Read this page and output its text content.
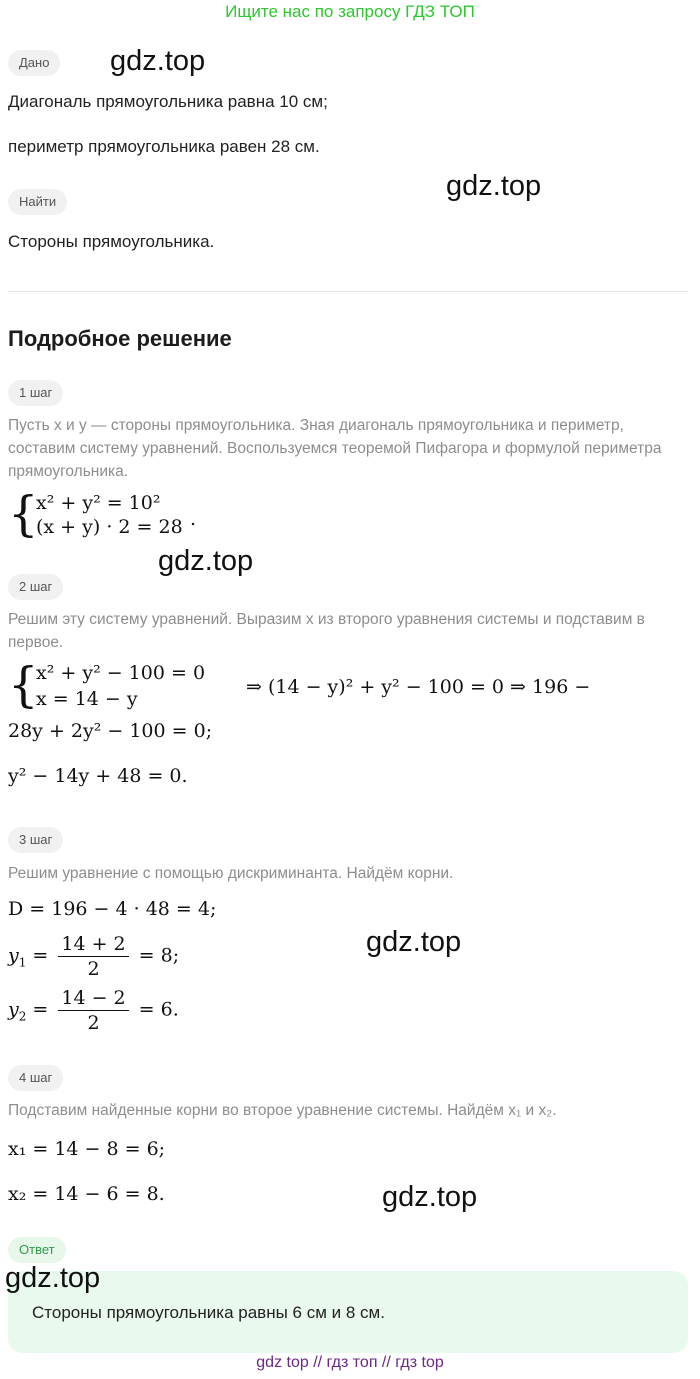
Ищите нас по запросу ГДЗ ТОП
Дано	gdz.top
Диагональ прямоугольника равна 10 см;
периметр прямоугольника равен 28 см.
Найти	gdz.top
Стороны прямоугольника.
Подробное решение
1 шаг
Пусть x и y — стороны прямоугольника. Зная диагональ прямоугольника и периметр, составим систему уравнений. Воспользуемся теоремой Пифагора и формулой периметра прямоугольника.
{
x² + y² = 10²
(x + y) · 2 = 28 .
gdz.top
2 шаг
Решим эту систему уравнений. Выразим x из второго уравнения системы и подставим в первое.
{
x² + y² − 100 = 0
x = 14 − y
⇒ (14 − y)² + y² − 100 = 0 ⇒ 196 −
28y + 2y² − 100 = 0;
y² − 14y + 48 = 0.
3 шаг
Решим уравнение с помощью дискриминанта. Найдём корни.
D = 196 − 4 · 48 = 4;
gdz.top
$y_1 = \frac{14 + 2}{2} = 8$;
$y_2 = \frac{14 - 2}{2} = 6$.
4 шаг
Подставим найденные корни во второе уравнение системы. Найдём x₁ и x₂.
x₁ = 14 − 8 = 6;
x₂ = 14 − 6 = 8.	gdz.top
Ответ
gdz.top
Стороны прямоугольника равны 6 см и 8 см.
gdz top // гдз топ // гдз top
